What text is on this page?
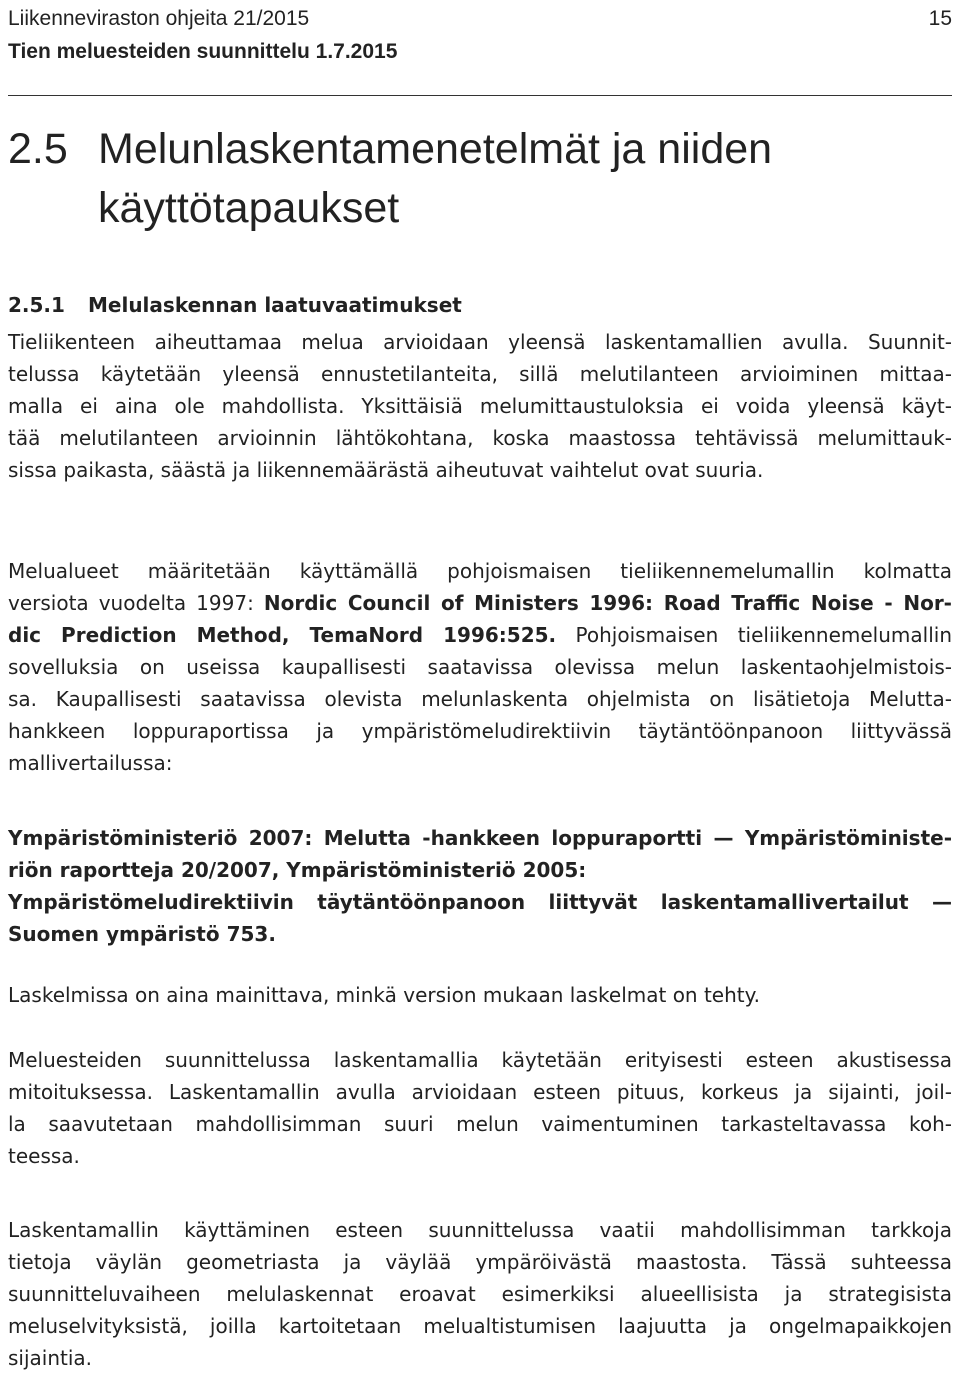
Liikenneviraston ohjeita 21/2015
Tien meluesteiden suunnittelu 1.7.2015
15
2.5 Melunlaskentamenetelmät ja niiden käyttötapaukset
2.5.1	Melulaskennan laatuvaatimukset
Tieliikenteen aiheuttamaa melua arvioidaan yleensä laskentamallien avulla. Suunnit-
telussa käytetään yleensä ennustetilanteita, sillä melutilanteen arvioiminen mittaa-
malla ei aina ole mahdollista. Yksittäisiä melumittaustuloksia ei voida yleensä käyt-
tää melutilanteen arvioinnin lähtökohtana, koska maastossa tehtävissä melumittauk-
sissa paikasta, säästä ja liikennemäärästä aiheutuvat vaihtelut ovat suuria.
Melualueet määritetään käyttämällä pohjoismaisen tieliikennemelumallin kolmatta
versiota vuodelta 1997: Nordic Council of Ministers 1996: Road Traffic Noise - Nor-
dic Prediction Method, TemaNord 1996:525. Pohjoismaisen tieliikennemelumallin
sovelluksia on useissa kaupallisesti saatavissa olevissa melun laskentaohjelmistois-
sa. Kaupallisesti saatavissa olevista melunlaskenta ohjelmista on lisätietoja Melutta-
hankkeen loppuraportissa ja ympäristömeludirektiivin täytäntöönpanoon liittyvässä
mallivertailussa:
Ympäristöministeriö 2007: Melutta -hankkeen loppuraportti — Ympäristöministe-
riön raportteja 20/2007, Ympäristöministeriö 2005:
Ympäristömeludirektiivin täytäntöönpanoon liittyvät laskentamallivertailut —
Suomen ympäristö 753.
Laskelmissa on aina mainittava, minkä version mukaan laskelmat on tehty.
Meluesteiden suunnittelussa laskentamallia käytetään erityisesti esteen akustisessa
mitoituksessa. Laskentamallin avulla arvioidaan esteen pituus, korkeus ja sijainti, joil-
la saavutetaan mahdollisimman suuri melun vaimentuminen tarkasteltavassa koh-
teessa.
Laskentamallin käyttäminen esteen suunnittelussa vaatii mahdollisimman tarkkoja
tietoja väylän geometriasta ja väylää ympäröivästä maastosta. Tässä suhteessa
suunnitteluvaiheen melulaskennat eroavat esimerkiksi alueellisista ja strategisista
meluselvityksistä, joilla kartoitetaan melualtistumisen laajuutta ja ongelmapaikkojen
sijaintia.
